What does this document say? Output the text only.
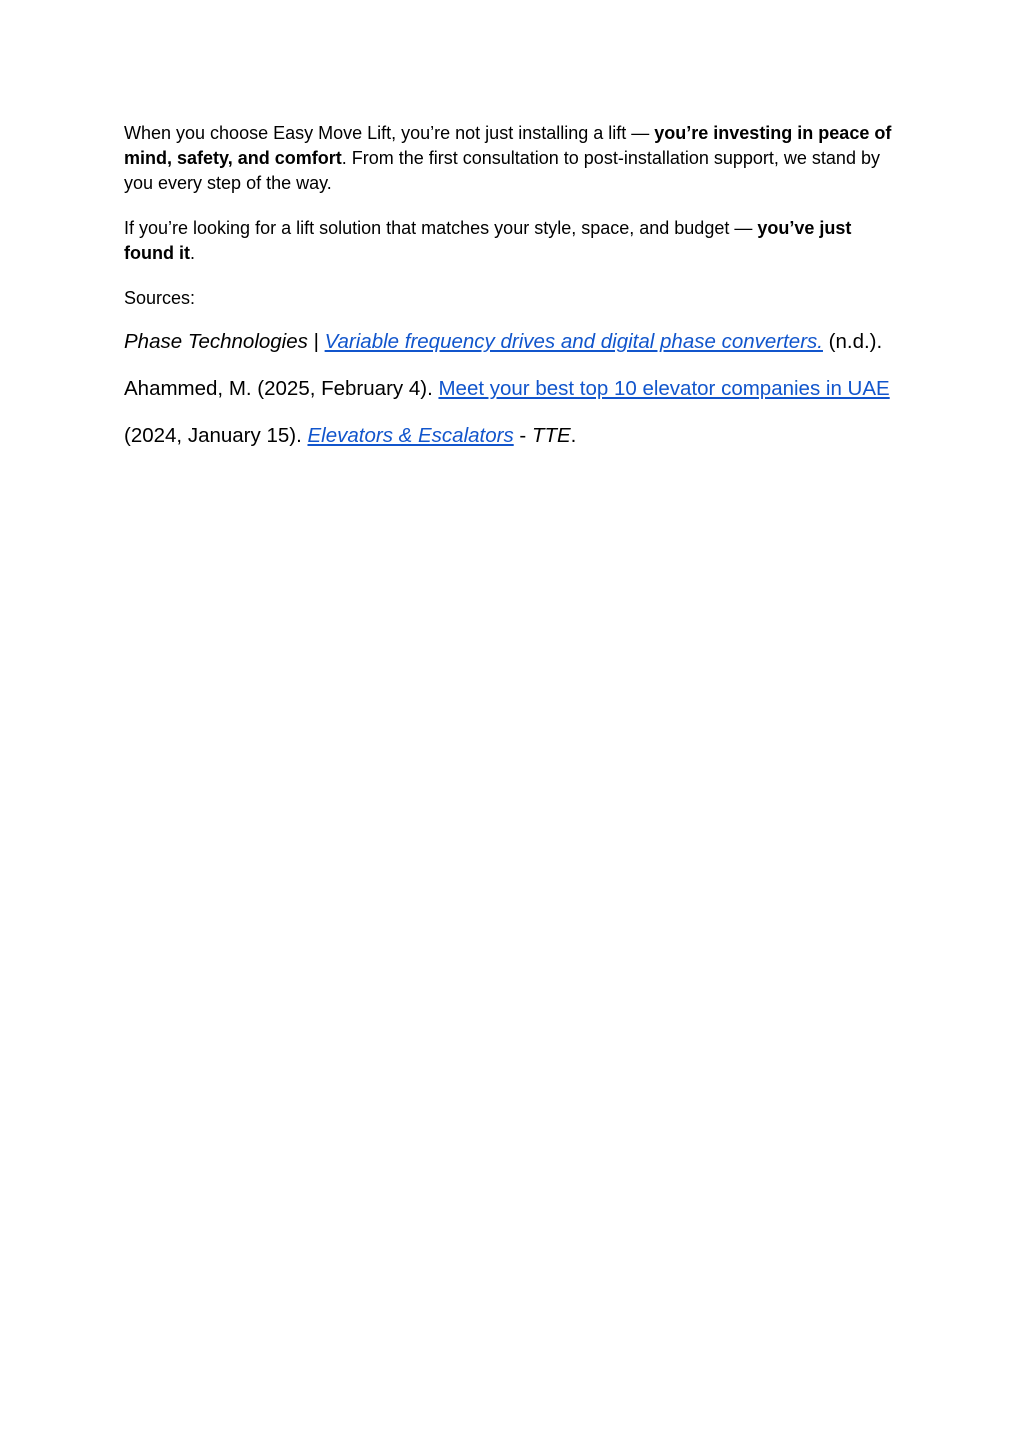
When you choose Easy Move Lift, you’re not just installing a lift — you’re investing in peace of mind, safety, and comfort. From the first consultation to post-installation support, we stand by you every step of the way.

If you’re looking for a lift solution that matches your style, space, and budget — you’ve just found it.

Sources:

Phase Technologies | Variable frequency drives and digital phase converters. (n.d.).

Ahammed, M. (2025, February 4). Meet your best top 10 elevator companies in UAE

(2024, January 15). Elevators & Escalators - TTE.
